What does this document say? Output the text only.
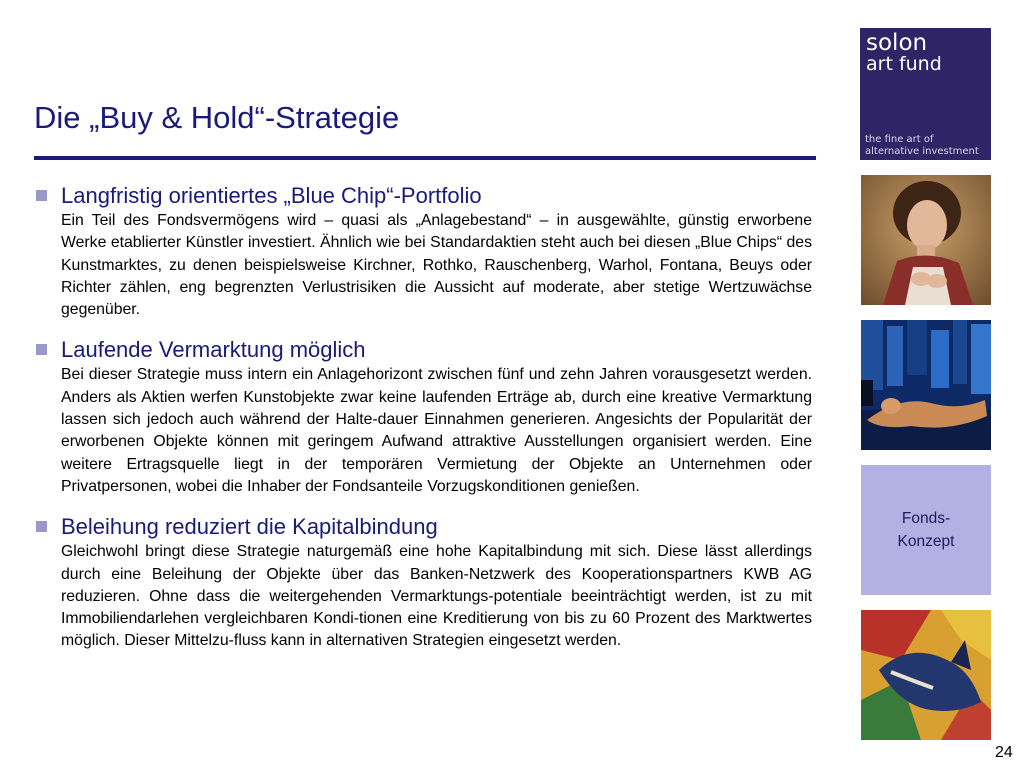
Die „Buy & Hold“-Strategie
Langfristig orientiertes „Blue Chip“-Portfolio

Ein Teil des Fondsvermögens wird – quasi als „Anlagebestand“ – in ausgewählte, günstig erworbene Werke etablierter Künstler investiert. Ähnlich wie bei Standardaktien steht auch bei diesen „Blue Chips“ des Kunstmarktes, zu denen beispielsweise Kirchner, Rothko, Rauschenberg, Warhol, Fontana, Beuys oder Richter zählen, eng begrenzten Verlustrisiken die Aussicht auf moderate, aber stetige Wertzuwächse gegenüber.

Laufende Vermarktung möglich

Bei dieser Strategie muss intern ein Anlagehorizont zwischen fünf und zehn Jahren vorausgesetzt werden. Anders als Aktien werfen Kunstobjekte zwar keine laufenden Erträge ab, durch eine kreative Vermarktung lassen sich jedoch auch während der Halte-dauer Einnahmen generieren. Angesichts der Popularität der erworbenen Objekte können mit geringem Aufwand attraktive Ausstellungen organisiert werden. Eine weitere Ertragsquelle liegt in der temporären Vermietung der Objekte an Unternehmen oder Privatpersonen, wobei die Inhaber der Fondsanteile Vorzugskonditionen genießen.

Beleihung reduziert die Kapitalbindung

Gleichwohl bringt diese Strategie naturgemäß eine hohe Kapitalbindung mit sich. Diese lässt allerdings durch eine Beleihung der Objekte über das Banken-Netzwerk des Kooperationspartners KWB AG reduzieren. Ohne dass die weitergehenden Vermarktungs-potentiale beeinträchtigt werden, ist zu mit Immobiliendarlehen vergleichbaren Kondi-tionen eine Kreditierung von bis zu 60 Prozent des Marktwertes möglich. Dieser Mittelzu-fluss kann in alternativen Strategien eingesetzt werden.

solon
art fund
the fine art of
alternative investment
Fonds-
Konzept
24
